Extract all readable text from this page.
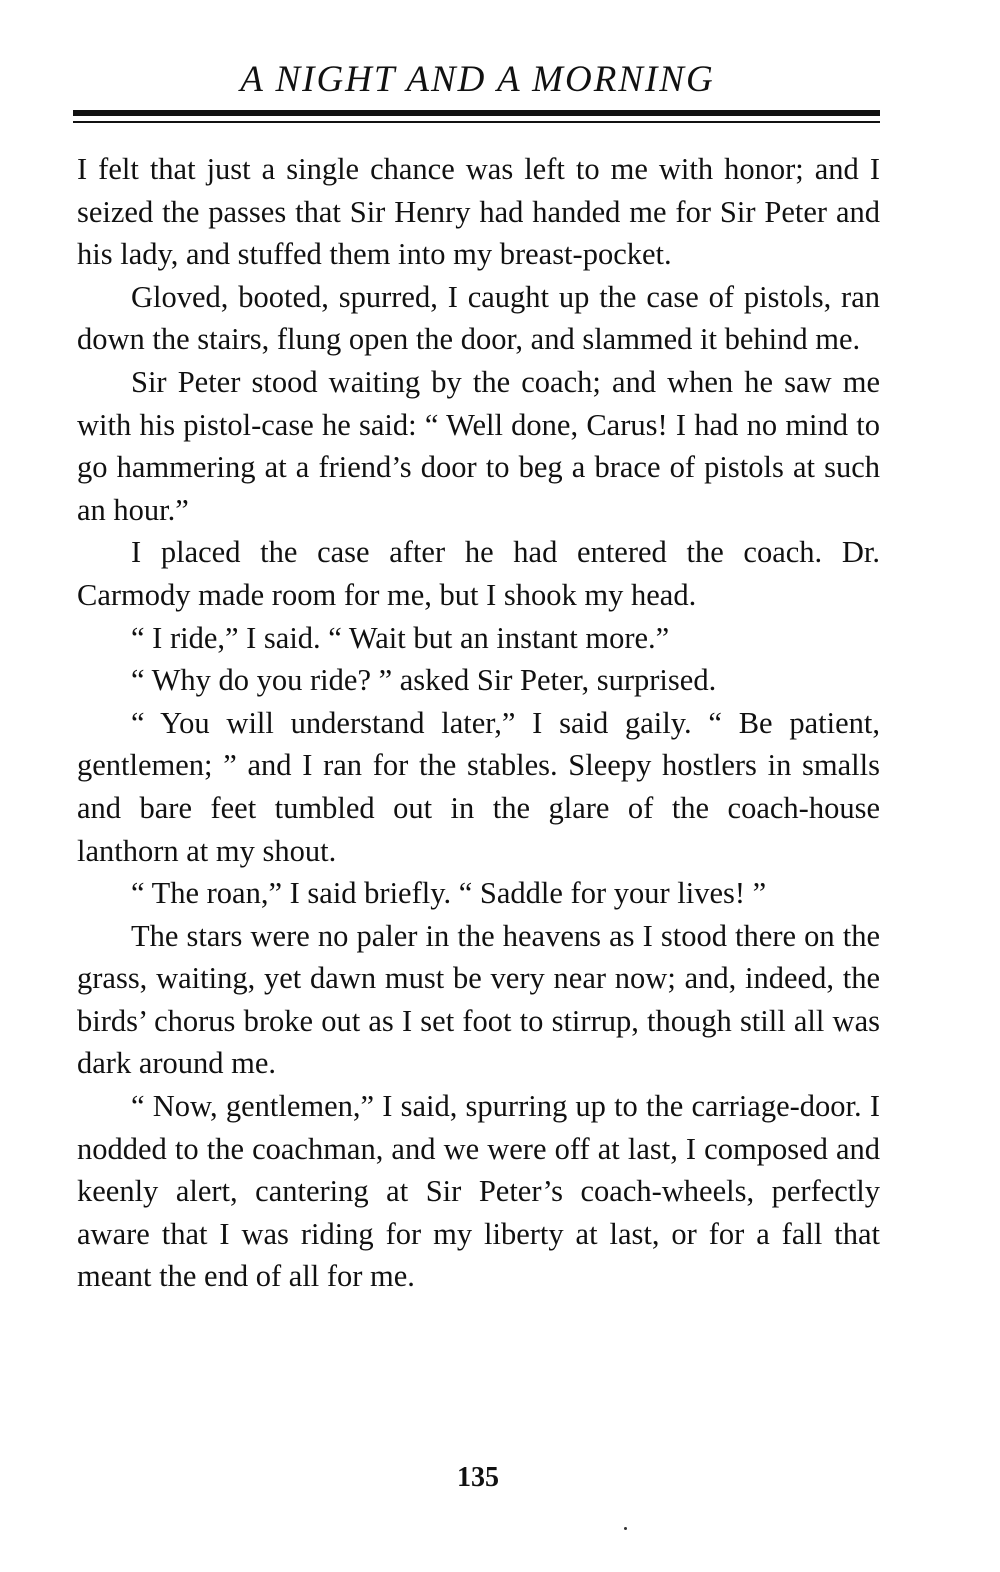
A NIGHT AND A MORNING

I felt that just a single chance was left to me with honor; and I seized the passes that Sir Henry had handed me for Sir Peter and his lady, and stuffed them into my breast-pocket.

Gloved, booted, spurred, I caught up the case of pistols, ran down the stairs, flung open the door, and slammed it behind me.

Sir Peter stood waiting by the coach; and when he saw me with his pistol-case he said: “ Well done, Carus! I had no mind to go hammering at a friend’s door to beg a brace of pistols at such an hour.”

I placed the case after he had entered the coach. Dr. Carmody made room for me, but I shook my head.

“ I ride,” I said. “ Wait but an instant more.”

“ Why do you ride? ” asked Sir Peter, surprised.

“ You will understand later,” I said gaily. “ Be patient, gentlemen; ” and I ran for the stables. Sleepy hostlers in smalls and bare feet tumbled out in the glare of the coach-house lanthorn at my shout.

“ The roan,” I said briefly. “ Saddle for your lives! ”

The stars were no paler in the heavens as I stood there on the grass, waiting, yet dawn must be very near now; and, indeed, the birds’ chorus broke out as I set foot to stirrup, though still all was dark around me.

“ Now, gentlemen,” I said, spurring up to the carriage-door. I nodded to the coachman, and we were off at last, I composed and keenly alert, cantering at Sir Peter’s coach-wheels, perfectly aware that I was riding for my liberty at last, or for a fall that meant the end of all for me.

135
